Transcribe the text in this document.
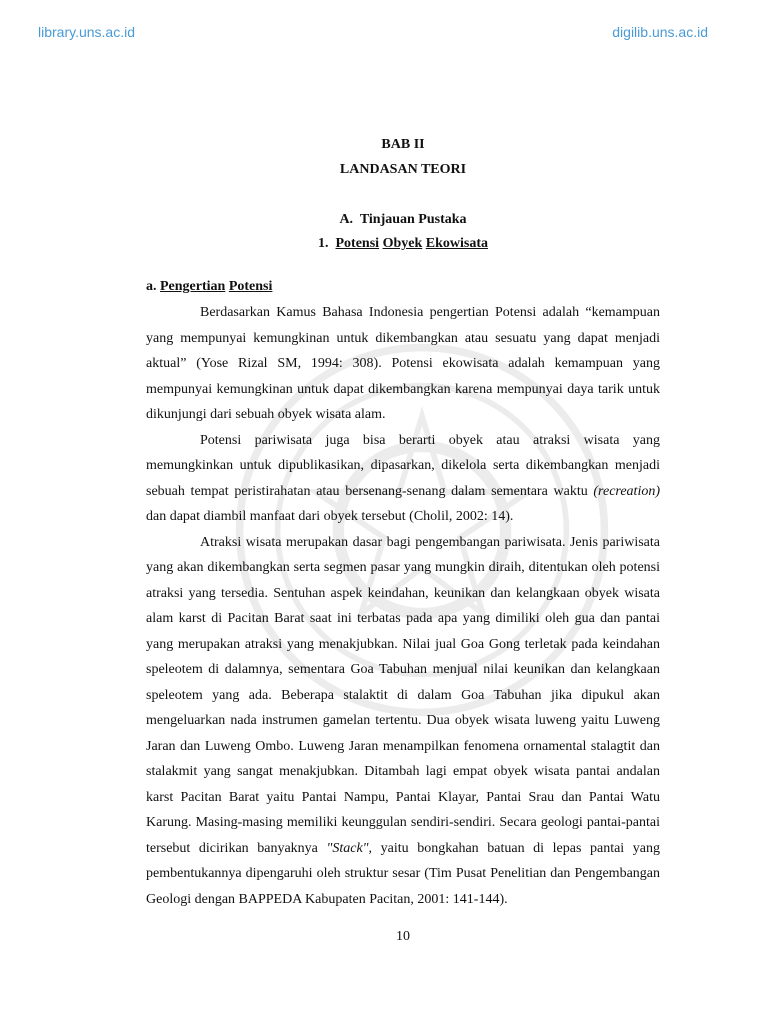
library.uns.ac.id	digilib.uns.ac.id
BAB II
LANDASAN TEORI
A. Tinjauan Pustaka
1. Potensi Obyek Ekowisata
a. Pengertian Potensi

Berdasarkan Kamus Bahasa Indonesia pengertian Potensi adalah “kemampuan yang mempunyai kemungkinan untuk dikembangkan atau sesuatu yang dapat menjadi aktual” (Yose Rizal SM, 1994: 308). Potensi ekowisata adalah kemampuan yang mempunyai kemungkinan untuk dapat dikembangkan karena mempunyai daya tarik untuk dikunjungi dari sebuah obyek wisata alam.

Potensi pariwisata juga bisa berarti obyek atau atraksi wisata yang memungkinkan untuk dipublikasikan, dipasarkan, dikelola serta dikembangkan menjadi sebuah tempat peristirahatan atau bersenang-senang dalam sementara waktu (recreation) dan dapat diambil manfaat dari obyek tersebut (Cholil, 2002: 14).

Atraksi wisata merupakan dasar bagi pengembangan pariwisata. Jenis pariwisata yang akan dikembangkan serta segmen pasar yang mungkin diraih, ditentukan oleh potensi atraksi yang tersedia. Sentuhan aspek keindahan, keunikan dan kelangkaan obyek wisata alam karst di Pacitan Barat saat ini terbatas pada apa yang dimiliki oleh gua dan pantai yang merupakan atraksi yang menakjubkan. Nilai jual Goa Gong terletak pada keindahan speleotem di dalamnya, sementara Goa Tabuhan menjual nilai keunikan dan kelangkaan speleotem yang ada. Beberapa stalaktit di dalam Goa Tabuhan jika dipukul akan mengeluarkan nada instrumen gamelan tertentu. Dua obyek wisata luweng yaitu Luweng Jaran dan Luweng Ombo. Luweng Jaran menampilkan fenomena ornamental stalagtit dan stalakmit yang sangat menakjubkan. Ditambah lagi empat obyek wisata pantai andalan karst Pacitan Barat yaitu Pantai Nampu, Pantai Klayar, Pantai Srau dan Pantai Watu Karung. Masing-masing memiliki keunggulan sendiri-sendiri. Secara geologi pantai-pantai tersebut dicirikan banyaknya "Stack", yaitu bongkahan batuan di lepas pantai yang pembentukannya dipengaruhi oleh struktur sesar (Tim Pusat Penelitian dan Pengembangan Geologi dengan BAPPEDA Kabupaten Pacitan, 2001: 141-144).

10
